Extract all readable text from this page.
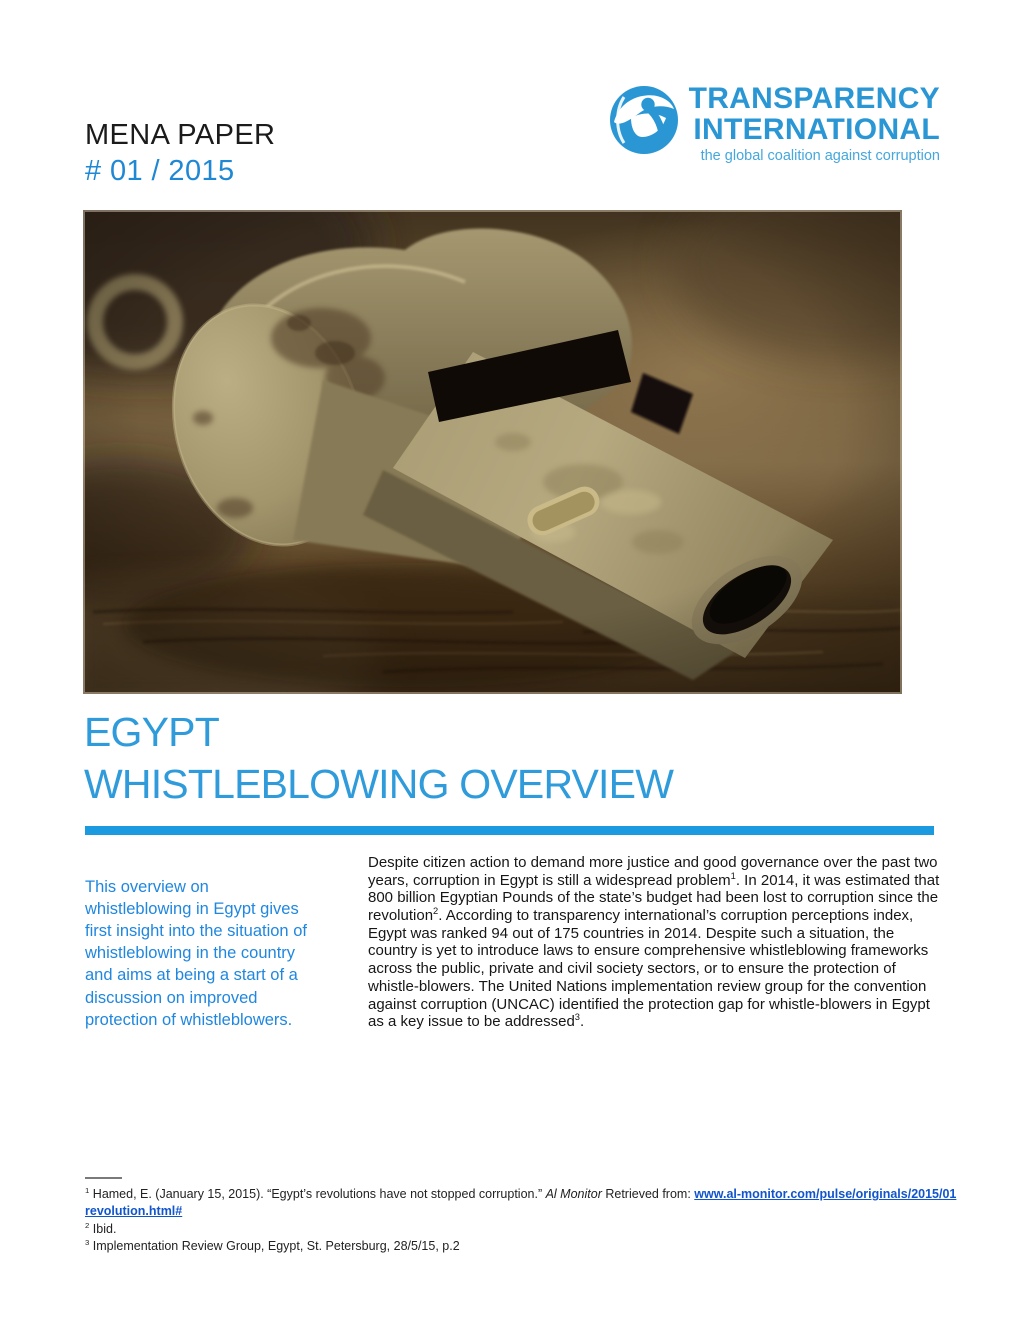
MENA PAPER
# 01 / 2015
TRANSPARENCY
INTERNATIONAL
the global coalition against corruption
EGYPT
WHISTLEBLOWING OVERVIEW

This overview on whistleblowing in Egypt gives first insight into the situation of whistleblowing in the country and aims at being a start of a discussion on improved protection of whistleblowers.

Despite citizen action to demand more justice and good governance over the past two years, corruption in Egypt is still a widespread problem$^1$. In 2014, it was estimated that 800 billion Egyptian Pounds of the state’s budget had been lost to corruption since the revolution$^2$. According to transparency international’s corruption perceptions index, Egypt was ranked 94 out of 175 countries in 2014. Despite such a situation, the country is yet to introduce laws to ensure comprehensive whistleblowing frameworks across the public, private and civil society sectors, or to ensure the protection of whistle-blowers. The United Nations implementation review group for the convention against corruption (UNCAC) identified the protection gap for whistle-blowers in Egypt as a key issue to be addressed$^3$.

$^1$ Hamed, E. (January 15, 2015). “Egypt’s revolutions have not stopped corruption.” Al Monitor Retrieved from: www.al-monitor.com/pulse/originals/2015/01
revolution.html#
$^2$ Ibid.
$^3$ Implementation Review Group, Egypt, St. Petersburg, 28/5/15, p.2
